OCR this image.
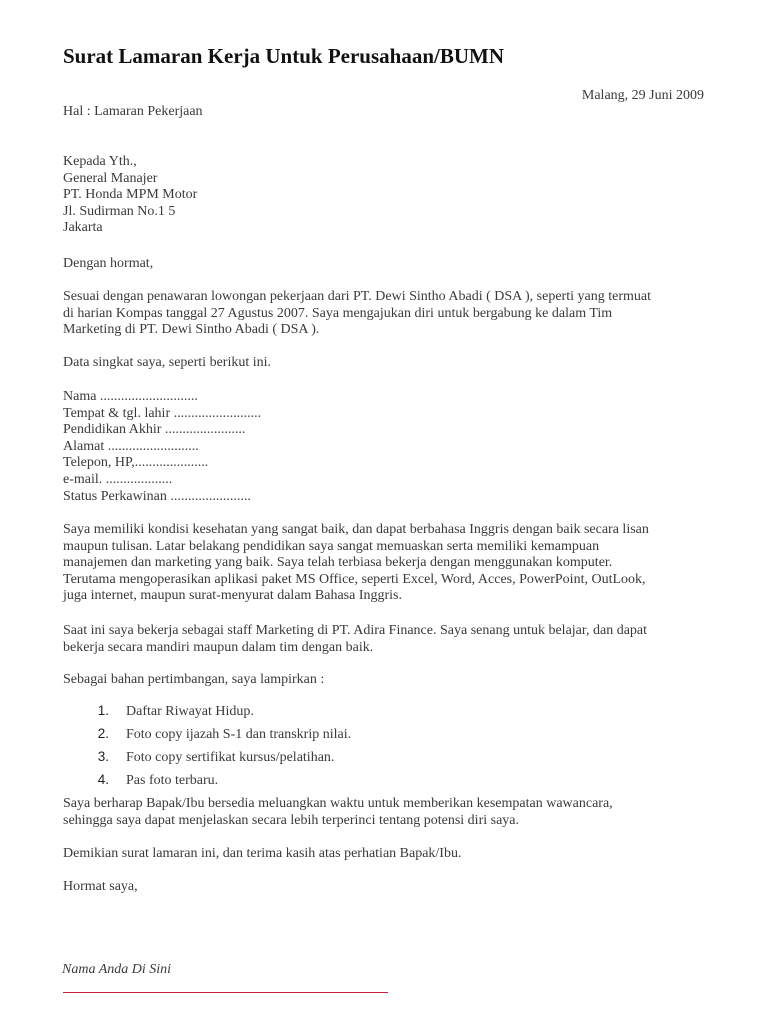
Surat Lamaran Kerja Untuk Perusahaan/BUMN

Malang, 29 Juni 2009

Hal : Lamaran Pekerjaan

Kepada Yth.,
General Manajer
PT. Honda MPM Motor
Jl. Sudirman No.1 5
Jakarta

Dengan hormat,

Sesuai dengan penawaran lowongan pekerjaan dari PT. Dewi Sintho Abadi ( DSA ), seperti yang termuat
di harian Kompas tanggal 27 Agustus 2007. Saya mengajukan diri untuk bergabung ke dalam Tim
Marketing di PT. Dewi Sintho Abadi ( DSA ).

Data singkat saya, seperti berikut ini.

Nama ............................
Tempat & tgl. lahir .........................
Pendidikan Akhir .......................
Alamat ..........................
Telepon, HP,.....................
e-mail. ...................
Status Perkawinan .......................
Saya memiliki kondisi kesehatan yang sangat baik, dan dapat berbahasa Inggris dengan baik secara lisan
maupun tulisan. Latar belakang pendidikan saya sangat memuaskan serta memiliki kemampuan
manajemen dan marketing yang baik. Saya telah terbiasa bekerja dengan menggunakan komputer.
Terutama mengoperasikan aplikasi paket MS Office, seperti Excel, Word, Acces, PowerPoint, OutLook,
juga internet, maupun surat-menyurat dalam Bahasa Inggris.
Saat ini saya bekerja sebagai staff Marketing di PT. Adira Finance. Saya senang untuk belajar, dan dapat
bekerja secara mandiri maupun dalam tim dengan baik.

Sebagai bahan pertimbangan, saya lampirkan :

1. Daftar Riwayat Hidup.
2. Foto copy ijazah S-1 dan transkrip nilai.
3. Foto copy sertifikat kursus/pelatihan.
4. Pas foto terbaru.
Saya berharap Bapak/Ibu bersedia meluangkan waktu untuk memberikan kesempatan wawancara,
sehingga saya dapat menjelaskan secara lebih terperinci tentang potensi diri saya.

Demikian surat lamaran ini, dan terima kasih atas perhatian Bapak/Ibu.

Hormat saya,

Nama Anda Di Sini
